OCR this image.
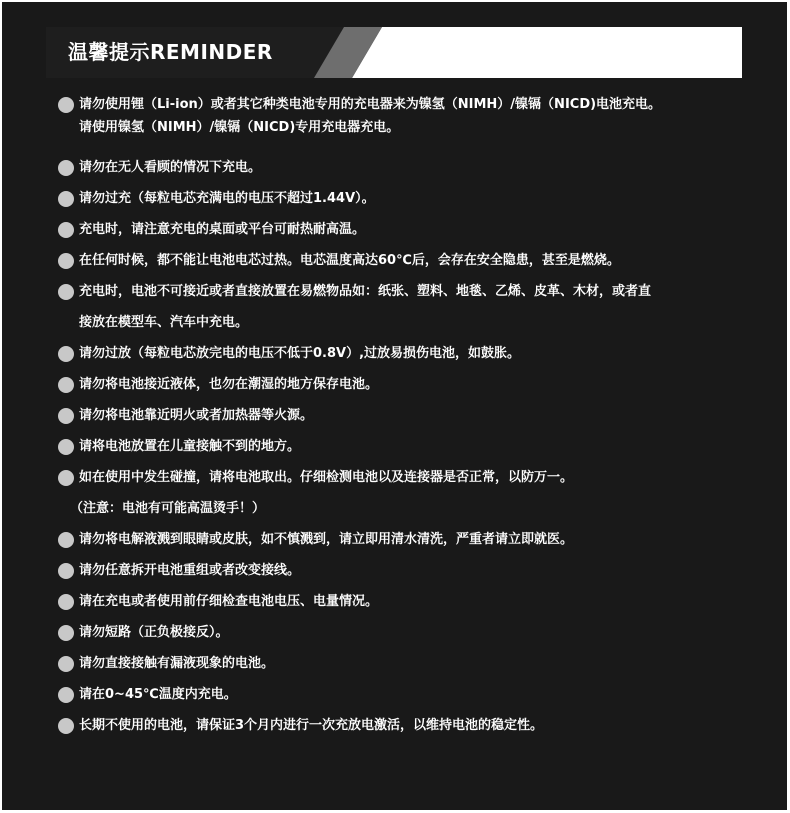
温馨提示REMINDER
请勿使用锂（Li-ion）或者其它种类电池专用的充电器来为镍氢（NIMH）/镍镉（NICD)电池充电。
请使用镍氢（NIMH）/镍镉（NICD)专用充电器充电。
请勿在无人看顾的情况下充电。
请勿过充（每粒电芯充满电的电压不超过1.44V）。
充电时，请注意充电的桌面或平台可耐热耐高温。
在任何时候，都不能让电池电芯过热。电芯温度高达60℃后，会存在安全隐患，甚至是燃烧。
充电时，电池不可接近或者直接放置在易燃物品如：纸张、塑料、地毯、乙烯、皮革、木材，或者直
接放在模型车、汽车中充电。
请勿过放（每粒电芯放完电的电压不低于0.8V）,过放易损伤电池，如鼓胀。
请勿将电池接近液体，也勿在潮湿的地方保存电池。
请勿将电池靠近明火或者加热器等火源。
请将电池放置在儿童接触不到的地方。
如在使用中发生碰撞，请将电池取出。仔细检测电池以及连接器是否正常，以防万一。
（注意：电池有可能高温烫手！）
请勿将电解液溅到眼睛或皮肤，如不慎溅到，请立即用清水清洗，严重者请立即就医。
请勿任意拆开电池重组或者改变接线。
请在充电或者使用前仔细检查电池电压、电量情况。
请勿短路（正负极接反）。
请勿直接接触有漏液现象的电池。
请在0~45℃温度内充电。
长期不使用的电池，请保证3个月内进行一次充放电激活，以维持电池的稳定性。
